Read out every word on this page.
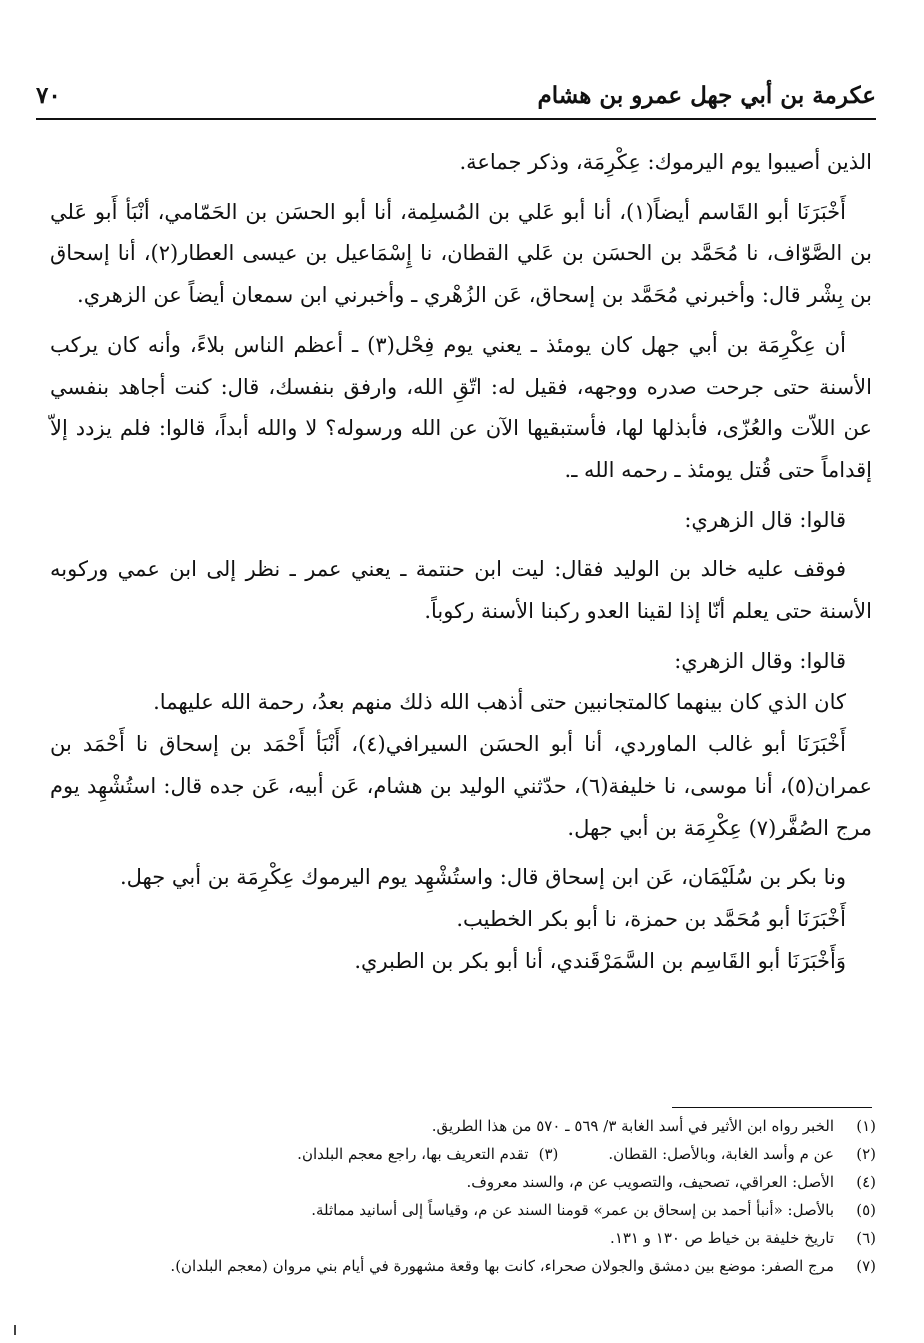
عكرمة بن أبي جهل عمرو بن هشام
٧٠

الذين أصيبوا يوم اليرموك: عِكْرِمَة، وذكر جماعة.

أَخْبَرَنَا أبو القَاسم أيضاً(١)، أنا أبو عَلي بن المُسلِمة، أنا أبو الحسَن بن الحَمّامي، أنْبَأ أَبو عَلي بن الصَّوّاف، نا مُحَمَّد بن الحسَن بن عَلي القطان، نا إِسْمَاعيل بن عيسى العطار(٢)، أنا إسحاق بن بِشْر قال: وأخبرني مُحَمَّد بن إسحاق، عَن الزُهْري ـ وأخبرني ابن سمعان أيضاً عن الزهري.

أن عِكْرِمَة بن أبي جهل كان يومئذ ـ يعني يوم فِحْل(٣) ـ أعظم الناس بلاءً، وأنه كان يركب الأسنة حتى جرحت صدره ووجهه، فقيل له: اتّقِ الله، وارفق بنفسك، قال: كنت أجاهد بنفسي عن اللاّت والعُزّى، فأبذلها لها، فأستبقيها الآن عن الله ورسوله؟ لا والله أبداً، قالوا: فلم يزدد إلاّ إقداماً حتى قُتل يومئذ ـ رحمه الله ـ.

قالوا: قال الزهري:

فوقف عليه خالد بن الوليد فقال: ليت ابن حنتمة ـ يعني عمر ـ نظر إلى ابن عمي وركوبه الأسنة حتى يعلم أنّا إذا لقينا العدو ركبنا الأسنة ركوباً.

قالوا: وقال الزهري:

كان الذي كان بينهما كالمتجانبين حتى أذهب الله ذلك منهم بعدُ، رحمة الله عليهما.

أَخْبَرَنَا أبو غالب الماوردي، أنا أبو الحسَن السيرافي(٤)، أَنْبَأ أَحْمَد بن إسحاق نا أَحْمَد بن عمران(٥)، أنا موسى، نا خليفة(٦)، حدّثني الوليد بن هشام، عَن أبيه، عَن جده قال: استُشْهِد يوم مرج الصُفَّر(٧) عِكْرِمَة بن أبي جهل.

ونا بكر بن سُلَيْمَان، عَن ابن إسحاق قال: واستُشْهِد يوم اليرموك عِكْرِمَة بن أبي جهل.

أَخْبَرَنَا أبو مُحَمَّد بن حمزة، نا أبو بكر الخطيب.

وَأَخْبَرَنَا أبو القَاسِم بن السَّمَرْقَندي، أنا أبو بكر بن الطبري.

(١)
الخبر رواه ابن الأثير في أسد الغابة ٣/ ٥٦٩ ـ ٥٧٠ من هذا الطريق.
(٢)
عن م وأسد الغابة، وبالأصل: القطان.
(٣)
تقدم التعريف بها، راجع معجم البلدان.
(٤)
الأصل: العراقي، تصحيف، والتصويب عن م، والسند معروف.
(٥)
بالأصل: «أنبأ أحمد بن إسحاق بن عمر» قومنا السند عن م، وقياساً إلى أسانيد مماثلة.
(٦)
تاريخ خليفة بن خياط ص ١٣٠ و ١٣١.
(٧)
مرج الصفر: موضع بين دمشق والجولان صحراء، كانت بها وقعة مشهورة في أيام بني مروان (معجم البلدان).
